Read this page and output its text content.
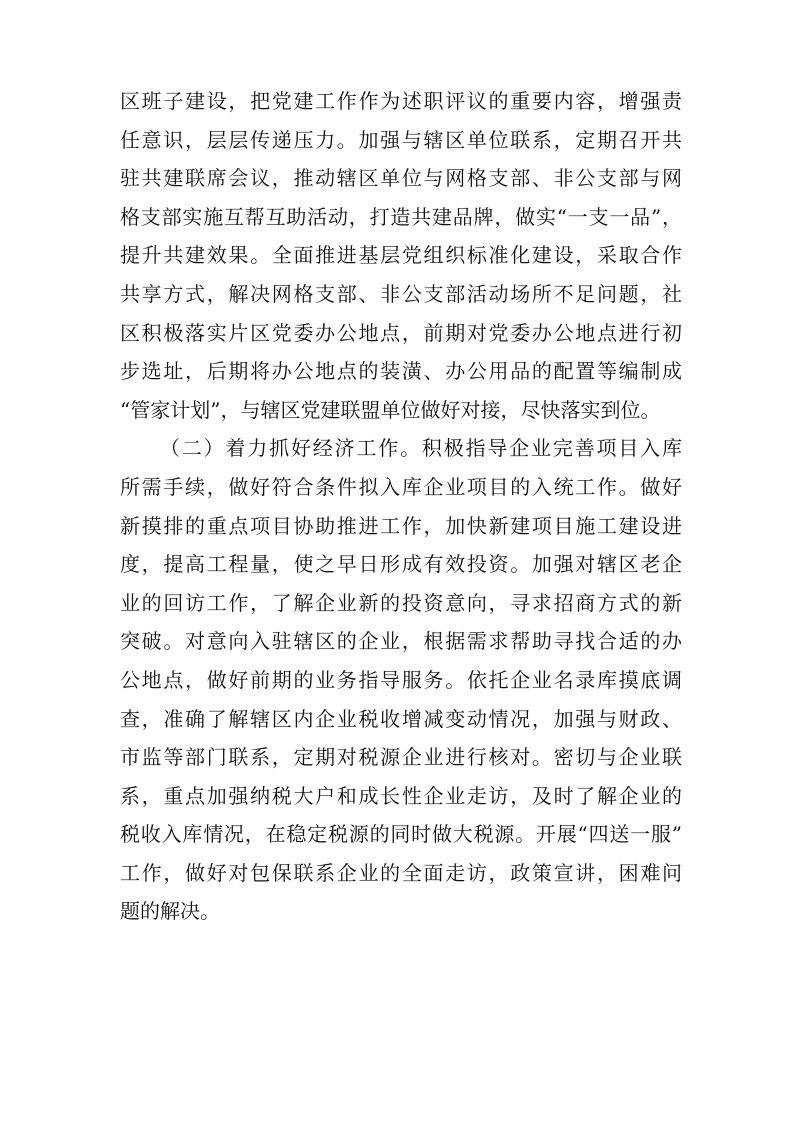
区班子建设，把党建工作作为述职评议的重要内容，增强责
任意识，层层传递压力。加强与辖区单位联系，定期召开共
驻共建联席会议，推动辖区单位与网格支部、非公支部与网
格支部实施互帮互助活动，打造共建品牌，做实“一支一品”，
提升共建效果。全面推进基层党组织标准化建设，采取合作
共享方式，解决网格支部、非公支部活动场所不足问题，社
区积极落实片区党委办公地点，前期对党委办公地点进行初
步选址，后期将办公地点的装潢、办公用品的配置等编制成
“管家计划”，与辖区党建联盟单位做好对接，尽快落实到位。
（二）着力抓好经济工作。积极指导企业完善项目入库
所需手续，做好符合条件拟入库企业项目的入统工作。做好
新摸排的重点项目协助推进工作，加快新建项目施工建设进
度，提高工程量，使之早日形成有效投资。加强对辖区老企
业的回访工作，了解企业新的投资意向，寻求招商方式的新
突破。对意向入驻辖区的企业，根据需求帮助寻找合适的办
公地点，做好前期的业务指导服务。依托企业名录库摸底调
查，准确了解辖区内企业税收增减变动情况，加强与财政、
市监等部门联系，定期对税源企业进行核对。密切与企业联
系，重点加强纳税大户和成长性企业走访，及时了解企业的
税收入库情况，在稳定税源的同时做大税源。开展“四送一服”
工作，做好对包保联系企业的全面走访，政策宣讲，困难问
题的解决。
